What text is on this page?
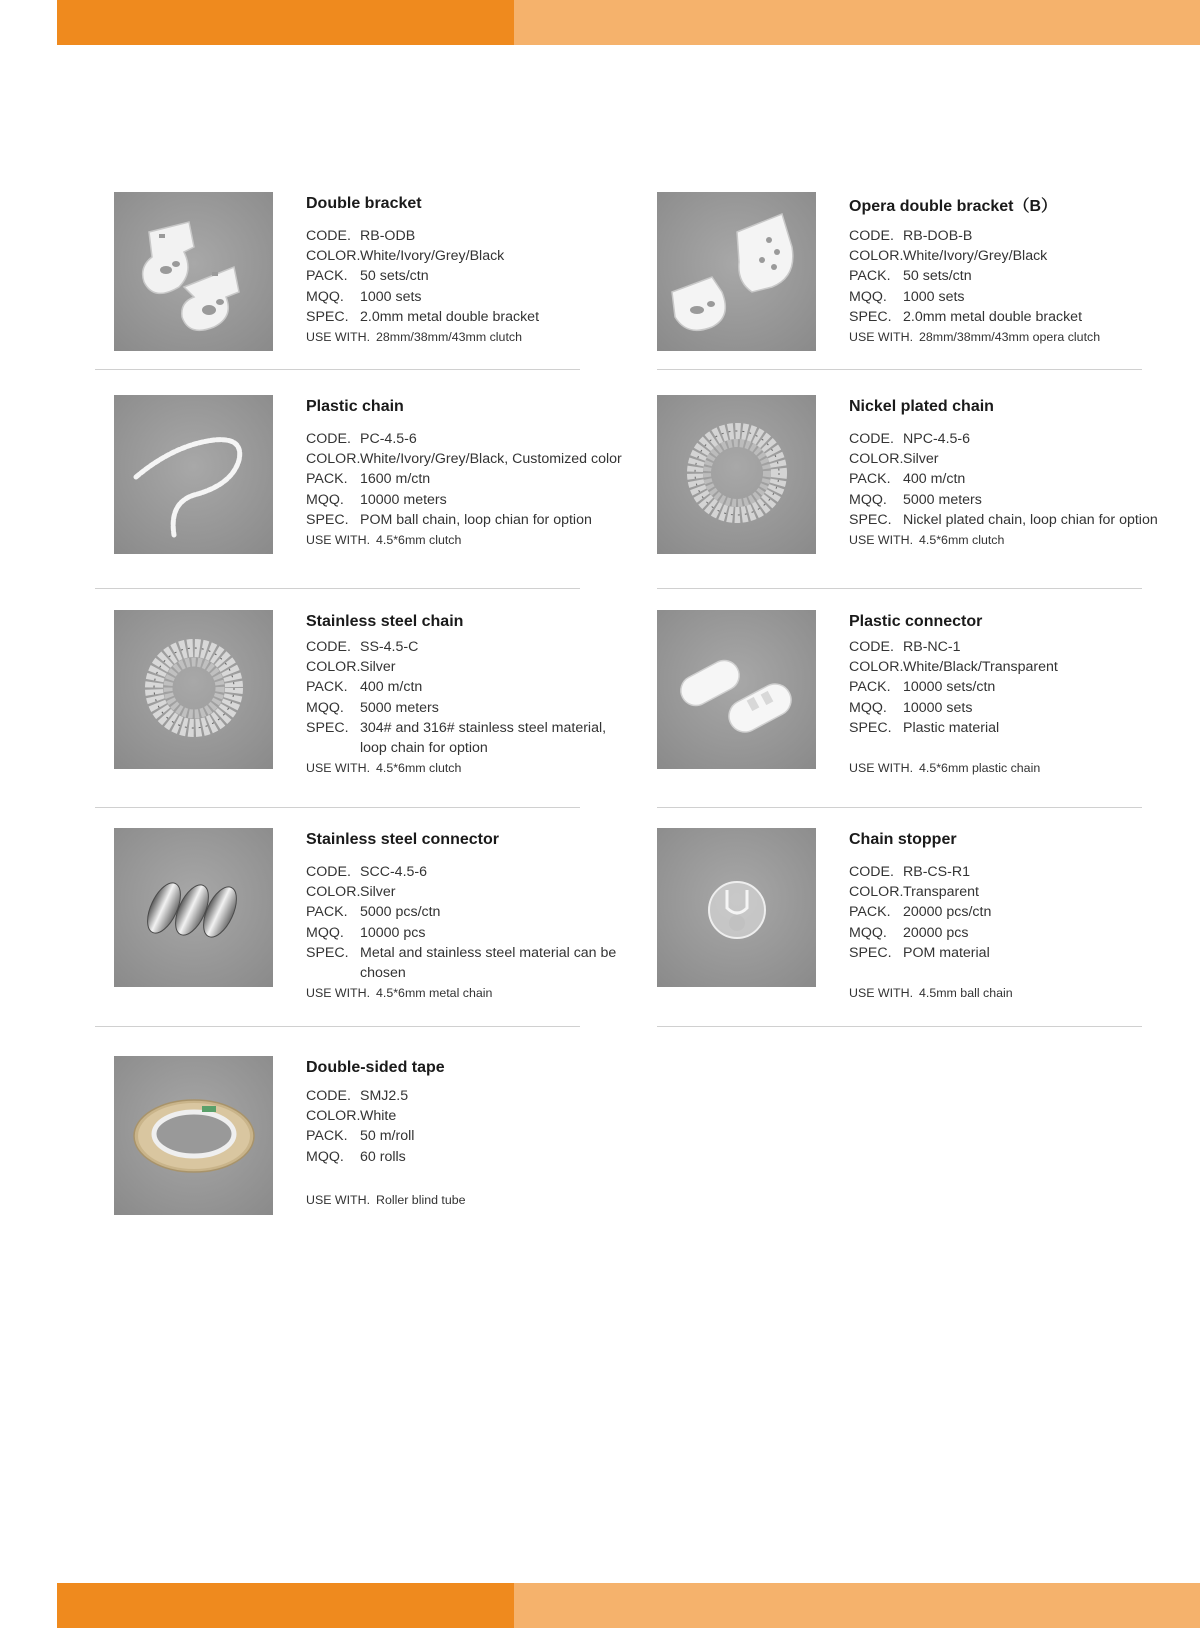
Double bracket
CODE. RB-ODB
COLOR. White/Ivory/Grey/Black
PACK. 50 sets/ctn
MQQ.	1000 sets
SPEC. 2.0mm metal double bracket
USE WITH. 28mm/38mm/43mm clutch
Opera double bracket（B）
CODE. RB-DOB-B
COLOR. White/Ivory/Grey/Black
PACK. 50 sets/ctn
MQQ.	1000 sets
SPEC. 2.0mm metal double bracket
USE WITH. 28mm/38mm/43mm opera clutch
Plastic chain
CODE. PC-4.5-6
COLOR. White/Ivory/Grey/Black, Customized color
PACK. 1600 m/ctn
MQQ.	10000 meters
SPEC. POM ball chain, loop chian for option
USE WITH. 4.5*6mm clutch
Nickel plated chain
CODE. NPC-4.5-6
COLOR. Silver
PACK. 400 m/ctn
MQQ.	5000 meters
SPEC. Nickel plated chain, loop chian for option
USE WITH. 4.5*6mm clutch
Stainless steel chain
CODE. SS-4.5-C
COLOR. Silver
PACK. 400 m/ctn
MQQ.	5000 meters
SPEC. 304# and 316# stainless steel material, loop chain for option
USE WITH. 4.5*6mm clutch
Plastic connector
CODE. RB-NC-1
COLOR. White/Black/Transparent
PACK. 10000 sets/ctn
MQQ.	10000 sets
SPEC. Plastic material
USE WITH. 4.5*6mm plastic chain
Stainless steel connector
CODE. SCC-4.5-6
COLOR. Silver
PACK. 5000 pcs/ctn
MQQ.	10000 pcs
SPEC. Metal and stainless steel material can be chosen
USE WITH. 4.5*6mm metal chain
Chain stopper
CODE. RB-CS-R1
COLOR. Transparent
PACK. 20000 pcs/ctn
MQQ.	20000 pcs
SPEC. POM material
USE WITH. 4.5mm ball chain
Double-sided tape
CODE. SMJ2.5
COLOR. White
PACK. 50 m/roll
MQQ.	60 rolls
USE WITH. Roller blind tube
